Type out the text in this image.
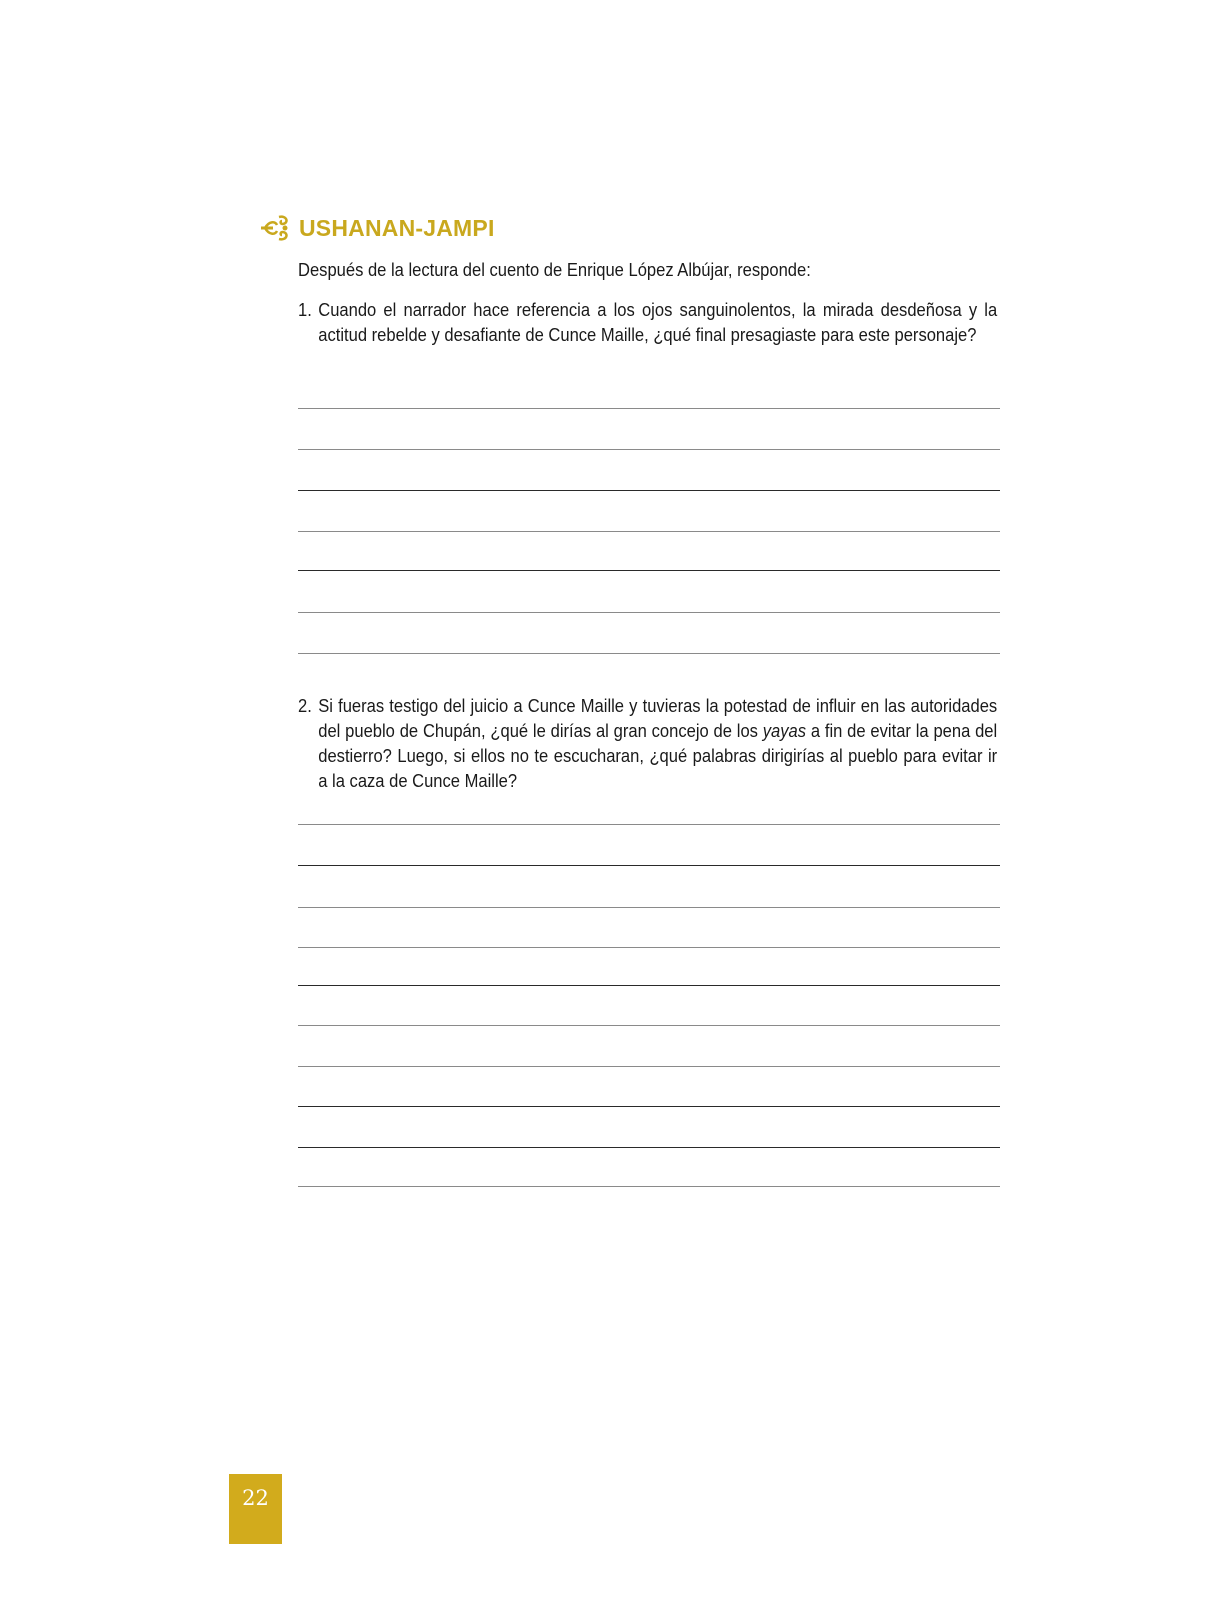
USHANAN-JAMPI
Después de la lectura del cuento de Enrique López Albújar, responde:
1. Cuando el narrador hace referencia a los ojos sanguinolentos, la mirada desdeñosa y la actitud rebelde y desafiante de Cunce Maille, ¿qué final presagiaste para este personaje?
2. Si fueras testigo del juicio a Cunce Maille y tuvieras la potestad de influir en las autoridades del pueblo de Chupán, ¿qué le dirías al gran concejo de los yayas a fin de evitar la pena del destierro? Luego, si ellos no te escucharan, ¿qué palabras dirigirías al pueblo para evitar ir a la caza de Cunce Maille?
22
